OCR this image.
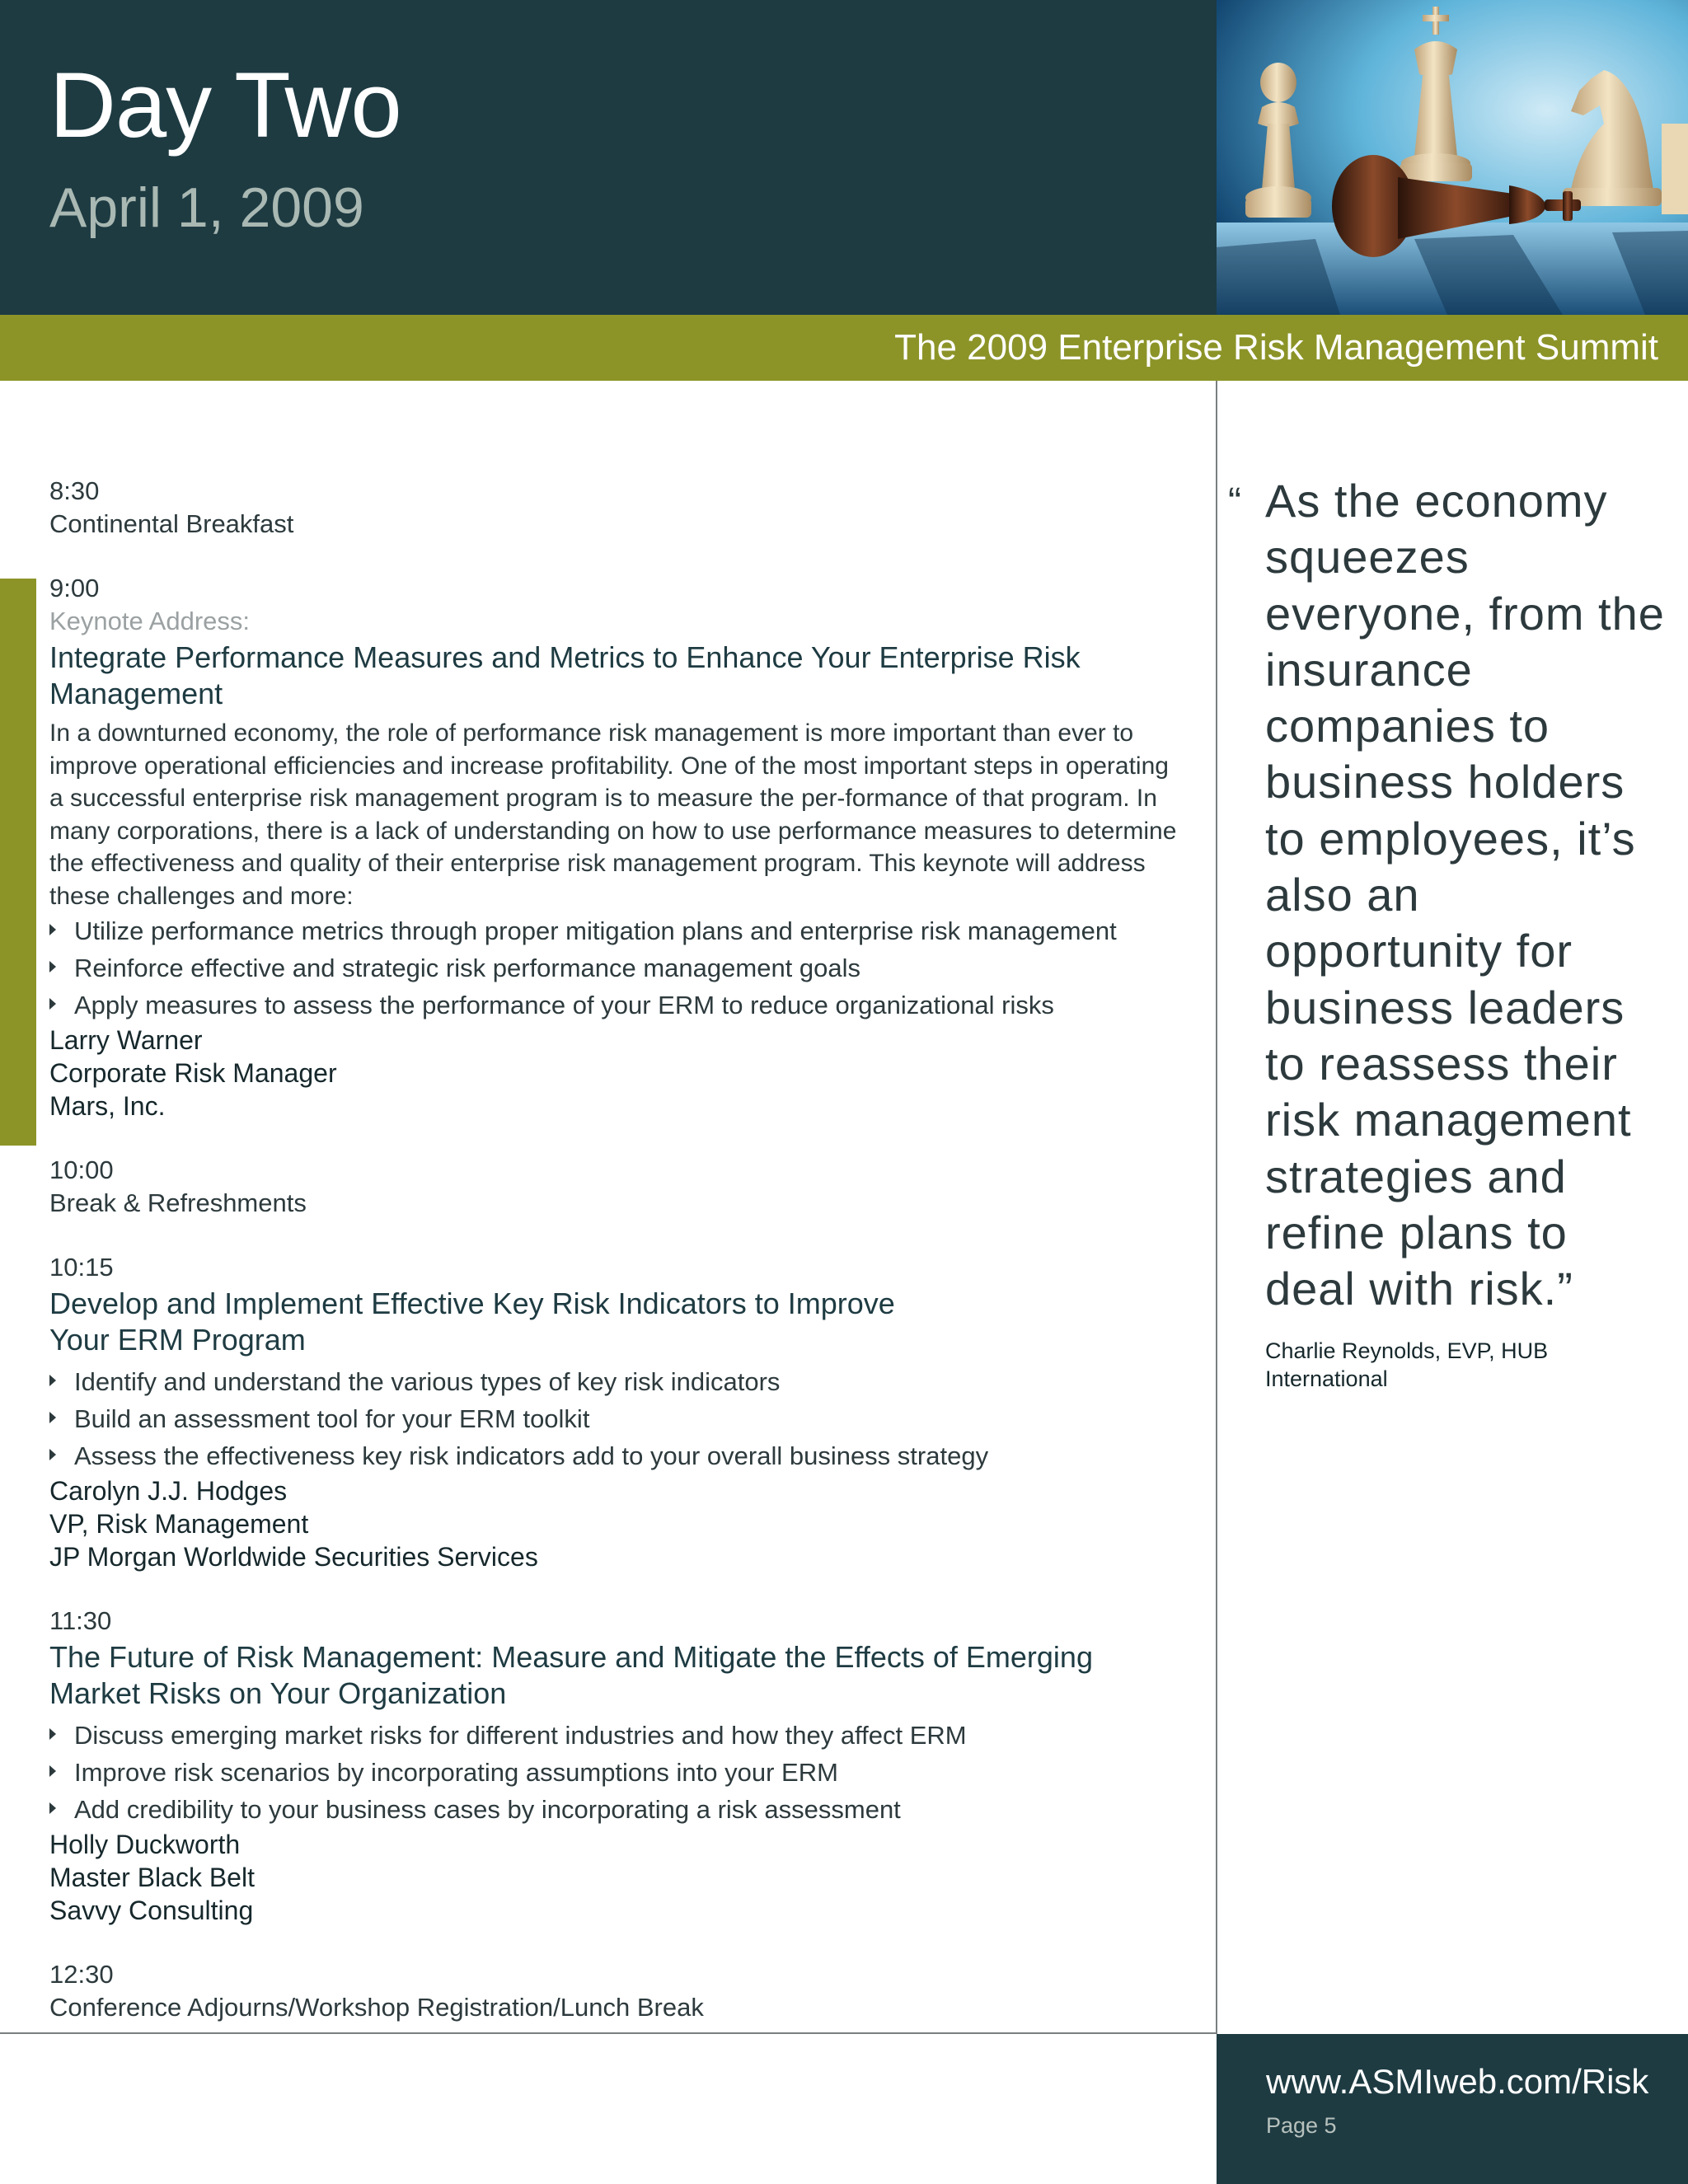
Day Two
April 1, 2009
The 2009 Enterprise Risk Management Summit
8:30
Continental Breakfast
9:00
Keynote Address:
Integrate Performance Measures and Metrics to Enhance Your Enterprise Risk Management
In a downturned economy, the role of performance risk management is more important than ever to improve operational efficiencies and increase profitability. One of the most important steps in operating a successful enterprise risk management program is to measure the per-formance of that program. In many corporations, there is a lack of understanding on how to use performance measures to determine the effectiveness and quality of their enterprise risk management program. This keynote will address these challenges and more:
Utilize performance metrics through proper mitigation plans and enterprise risk management
Reinforce effective and strategic risk performance management goals
Apply measures to assess the performance of your ERM to reduce organizational risks
Larry Warner
Corporate Risk Manager
Mars, Inc.
10:00
Break & Refreshments
10:15
Develop and Implement Effective Key Risk Indicators to Improve Your ERM Program
Identify and understand the various types of key risk indicators
Build an assessment tool for your ERM toolkit
Assess the effectiveness key risk indicators add to your overall business strategy
Carolyn J.J. Hodges
VP, Risk Management
JP Morgan Worldwide Securities Services
11:30
The Future of Risk Management: Measure and Mitigate the Effects of Emerging Market Risks on Your Organization
Discuss emerging market risks for different industries and how they affect ERM
Improve risk scenarios by incorporating assumptions into your ERM
Add credibility to your business cases by incorporating a risk assessment
Holly Duckworth
Master Black Belt
Savvy Consulting
12:30
Conference Adjourns/Workshop Registration/Lunch Break
“ As the economy squeezes everyone, from the insurance companies to business holders to employees, it’s also an opportunity for business leaders to reassess their risk management strategies and refine plans to deal with risk.”
Charlie Reynolds, EVP, HUB International
www.ASMIweb.com/Risk
Page 5
